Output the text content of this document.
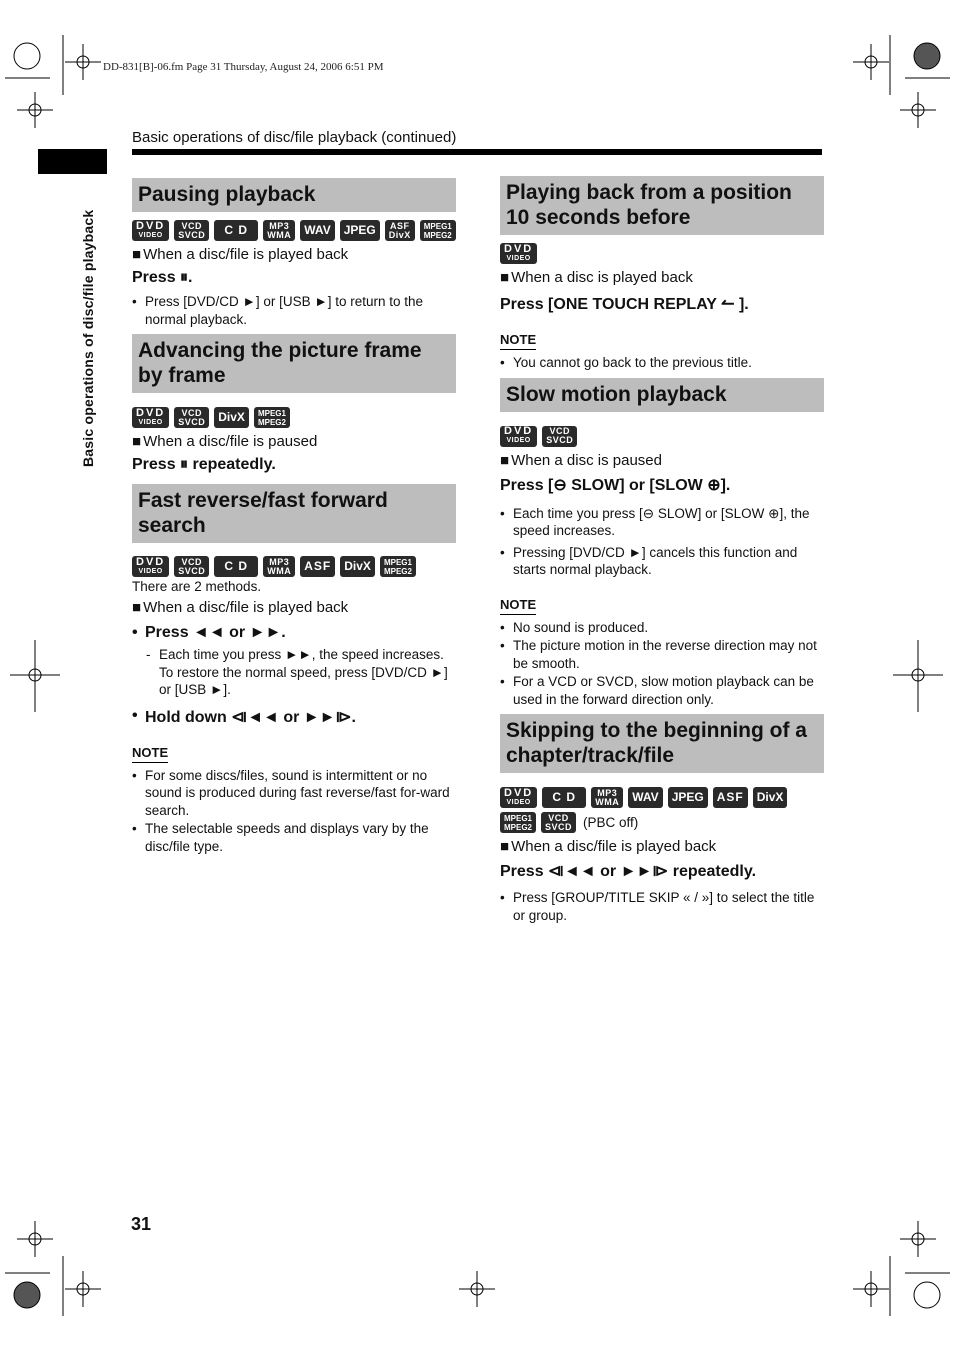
DD-831[B]-06.fm Page 31 Thursday, August 24, 2006 6:51 PM
Basic operations of disc/file playback (continued)
Basic operations of disc/file playback
Pausing playback
DVD
VIDEO
VCD
SVCD	C D	MP3
WMA	WAV	JPEG	ASF
DivX
MPEG1
MPEG2
■ When a disc/file is played back
Press ⏸.
• Press [DVD/CD ►] or [USB ►] to return to the normal playback.
Advancing the picture frame by frame
DVD
VIDEO
VCD
SVCD	DivX	MPEG1
MPEG2
■ When a disc/file is paused
Press ⏸ repeatedly.
Fast reverse/fast forward search
DVD
VIDEO
VCD
SVCD	C D	MP3
WMA	ASF	DivX	MPEG1
MPEG2
There are 2 methods.
■ When a disc/file is played back
• Press ◄◄ or ►►.
- Each time you press ►►, the speed increases. To restore the normal speed, press [DVD/CD ►] or [USB ►].
• Hold down ⧏◄◄ or ►►⧐.
NOTE
• For some discs/files, sound is intermittent or no sound is produced during fast reverse/fast for-ward search.
• The selectable speeds and displays vary by the disc/file type.
Playing back from a position 10 seconds before
DVD
VIDEO
■ When a disc is played back
Press [ONE TOUCH REPLAY ↼ ].
NOTE
• You cannot go back to the previous title.
Slow motion playback
DVD
VIDEO
VCD
SVCD
■ When a disc is paused
Press [⊖ SLOW] or [SLOW ⊕].
• Each time you press [⊖ SLOW] or [SLOW ⊕], the speed increases.
• Pressing [DVD/CD ►] cancels this function and starts normal playback.
NOTE
• No sound is produced.
• The picture motion in the reverse direction may not be smooth.
• For a VCD or SVCD, slow motion playback can be used in the forward direction only.
Skipping to the beginning of a chapter/track/file
DVD
VIDEO	C D	MP3
WMA	WAV	JPEG	ASF	DivX
MPEG1
MPEG2
VCD
SVCD (PBC off)
■ When a disc/file is played back
Press ⧏◄◄ or ►►⧐ repeatedly.
• Press [GROUP/TITLE SKIP « / »] to select the title or group.
31
